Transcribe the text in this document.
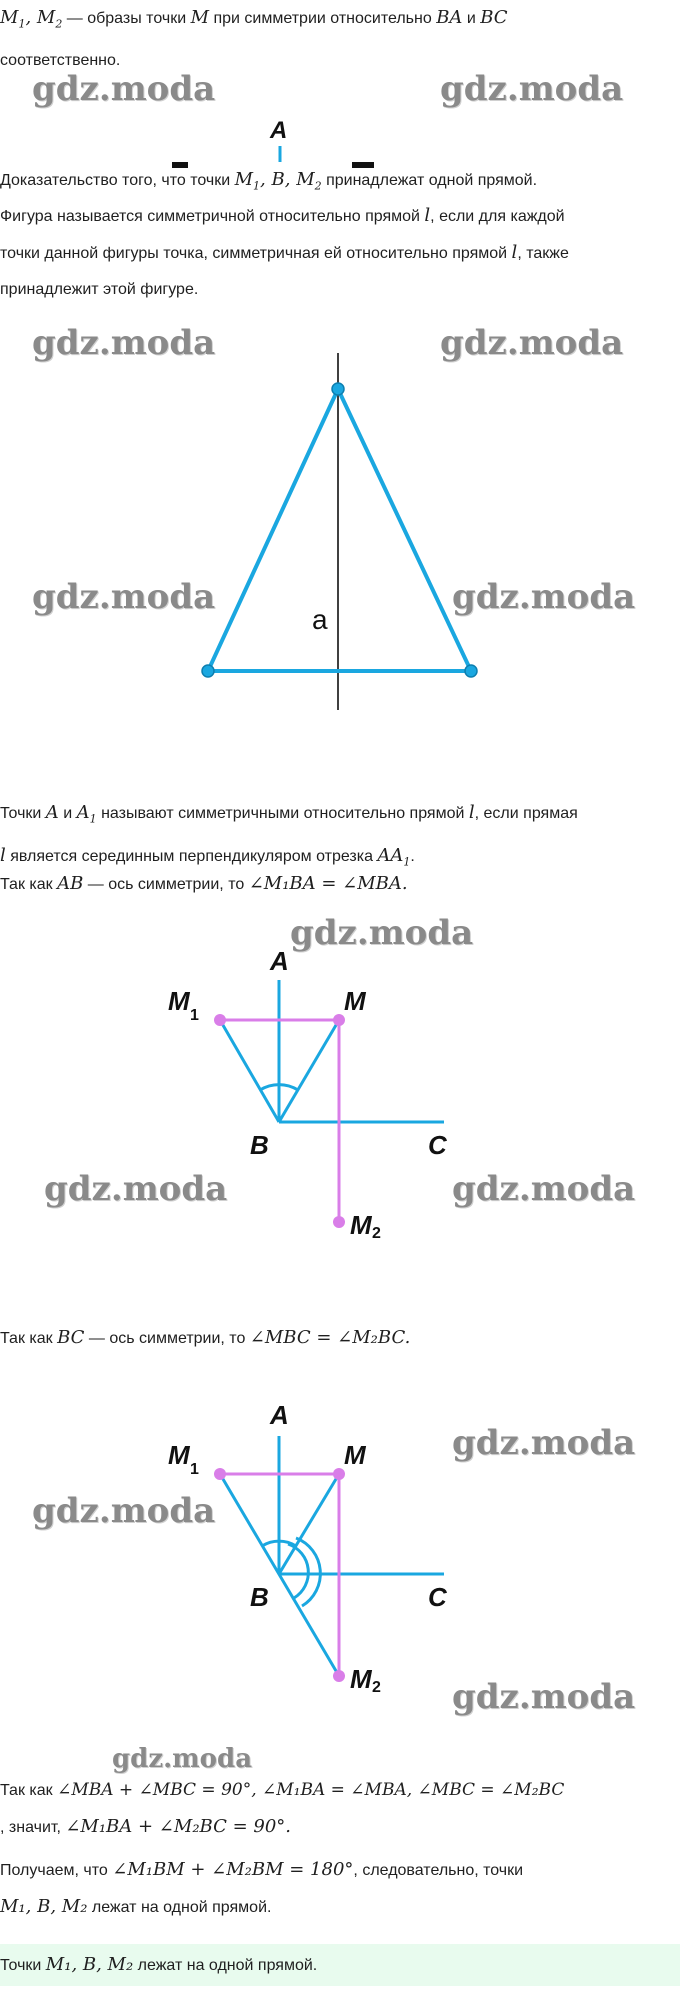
$M_1$, $M_2$ — образы точки M при симметрии относительно BA и BC
соответственно.

gdz.moda	gdz.moda
A

Доказательство того, что точки $M_1$, B, $M_2$ принадлежат одной прямой.

Фигура называется симметричной относительно прямой l, если для каждой
точки данной фигуры точка, симметричная ей относительно прямой l, также
принадлежит этой фигуре.

gdz.moda	gdz.moda
a
gdz.moda	gdz.moda

Точки A и $A_1$ называют симметричными относительно прямой l, если прямая
l является серединным перпендикуляром отрезка $AA_1$.

Так как AB — ось симметрии, то ∠M₁BA = ∠MBA.

gdz.moda
A
M
M 1
B	C
M 2
gdz.moda	gdz.moda

Так как BC — ось симметрии, то ∠MBC = ∠M₂BC.

A
M
M 1
B	C
M 2
gdz.moda
gdz.moda
gdz.moda
gdz.moda

Так как ∠MBA + ∠MBC = 90°, ∠M₁BA = ∠MBA, ∠MBC = ∠M₂BC
, значит, ∠M₁BA + ∠M₂BC = 90°.

Получаем, что ∠M₁BM + ∠M₂BM = 180°, следовательно, точки
M₁, B, M₂ лежат на одной прямой.

Точки M₁, B, M₂ лежат на одной прямой.
